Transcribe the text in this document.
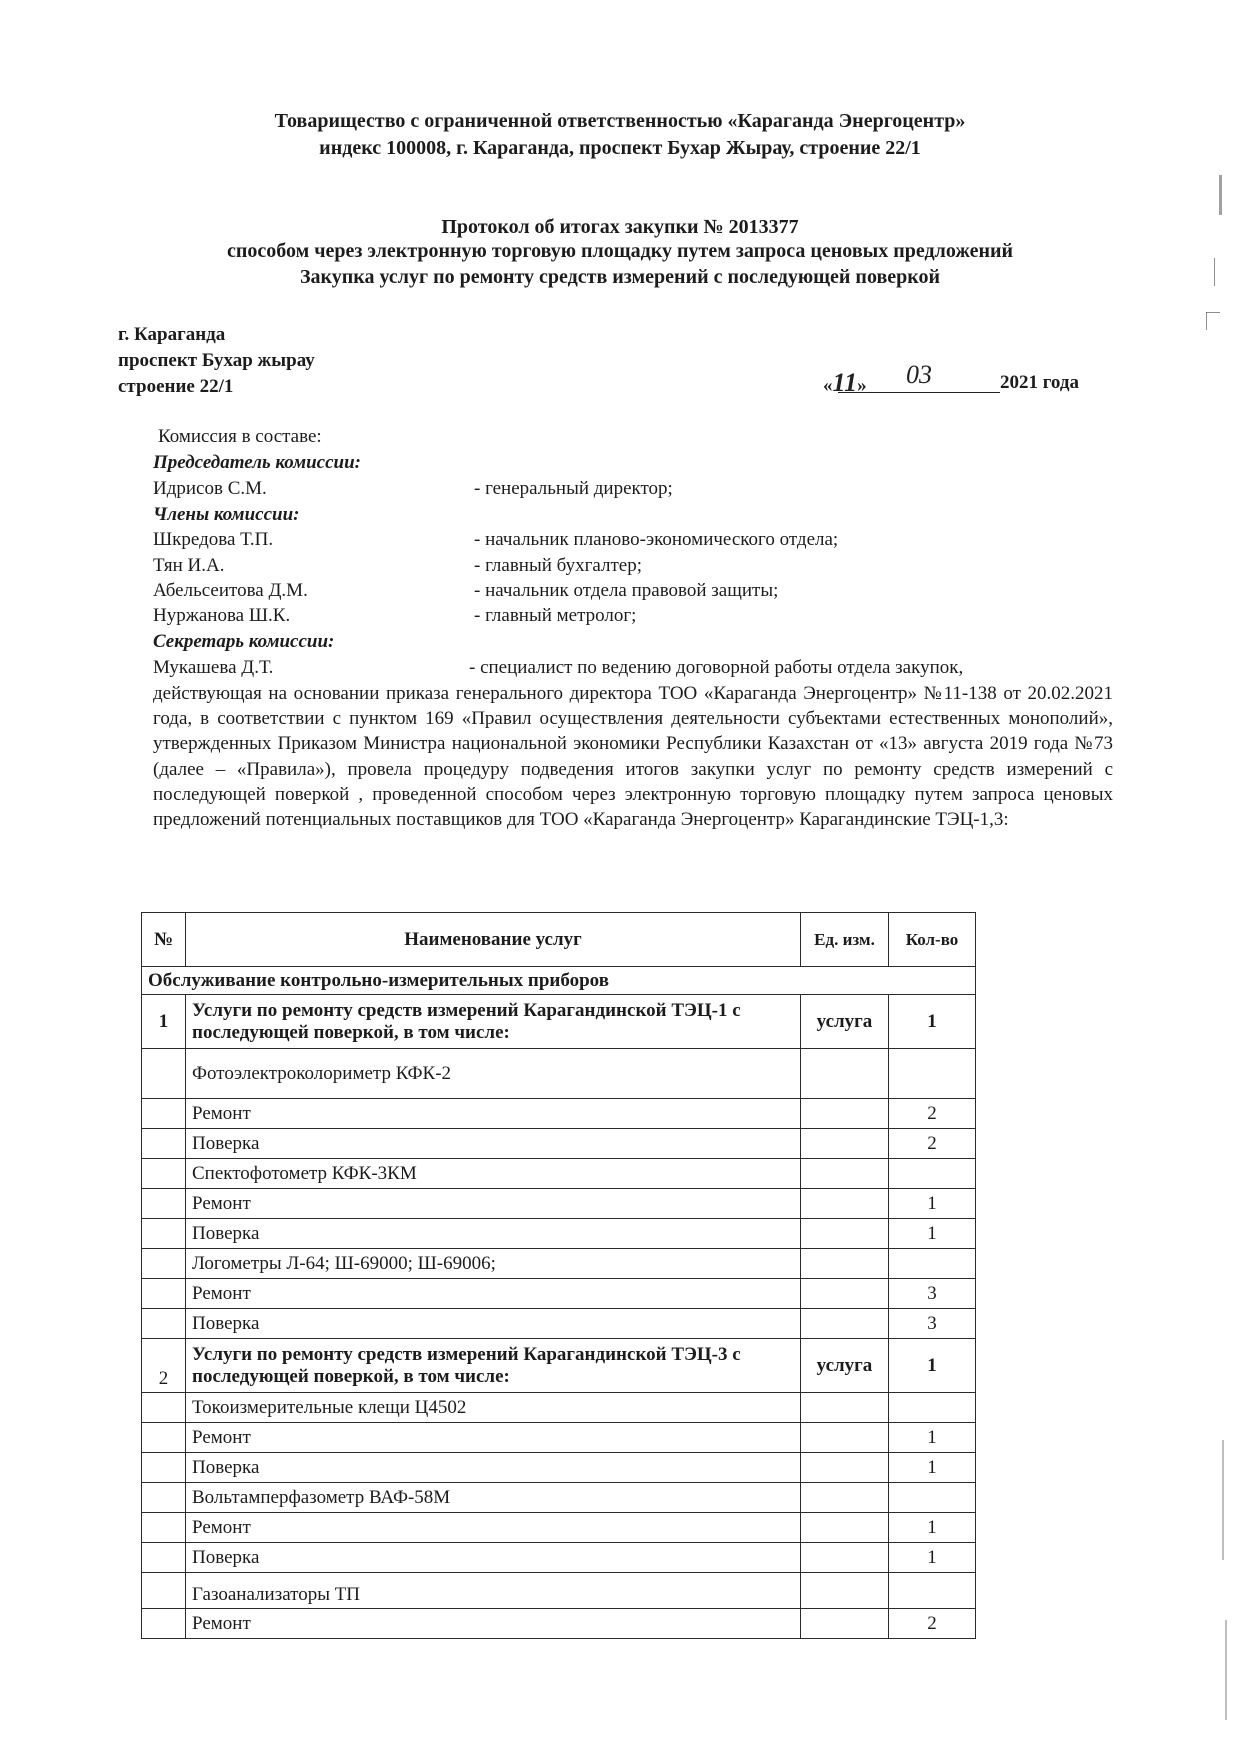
Товарищество с ограниченной ответственностью «Караганда Энергоцентр»
индекс 100008, г. Караганда, проспект Бухар Жырау, строение 22/1
Протокол об итогах закупки № 2013377
способом через электронную торговую площадку путем запроса ценовых предложений
Закупка услуг по ремонту средств измерений с последующей поверкой
г. Караганда
проспект Бухар жырау
строение 22/1	«11» 03	2021 года
Комиссия в составе:
Председатель комиссии:
Идрисов С.М.	- генеральный директор;
Члены комиссии:
Шкредова Т.П.	- начальник планово-экономического отдела;
Тян И.А.	- главный бухгалтер;
Абельсеитова Д.М.	- начальник отдела правовой защиты;
Нуржанова Ш.К.	- главный метролог;
Секретарь комиссии:
Мукашева Д.Т.	- специалист по ведению договорной работы отдела закупок,
действующая на основании приказа генерального директора ТОО «Караганда Энергоцентр» №11-138 от 20.02.2021 года, в соответствии с пунктом 169 «Правил осуществления деятельности субъектами естественных монополий», утвержденных Приказом Министра национальной экономики Республики Казахстан от «13» августа 2019 года №73 (далее – «Правила»), провела процедуру подведения итогов закупки услуг по ремонту средств измерений с последующей поверкой , проведенной способом через электронную торговую площадку путем запроса ценовых предложений потенциальных поставщиков для ТОО «Караганда Энергоцентр» Карагандинские ТЭЦ-1,3:
№	Наименование услуг	Ед. изм.	Кол-во
Обслуживание контрольно-измерительных приборов			
1	Услуги по ремонту средств измерений Карагандинской ТЭЦ-1 с последующей поверкой, в том числе:	услуга	1
	Фотоэлектроколориметр КФК-2		
	Ремонт		2
	Поверка		2
	Спектофотометр КФК-3КМ		
	Ремонт		1
	Поверка		1
	Логометры Л-64; Ш-69000; Ш-69006;		
	Ремонт		3
	Поверка		3
2	Услуги по ремонту средств измерений Карагандинской ТЭЦ-3 с последующей поверкой, в том числе:	услуга	1
	Токоизмерительные клещи Ц4502		
	Ремонт		1
	Поверка		1
	Вольтамперфазометр ВАФ-58М		
	Ремонт		1
	Поверка		1
	Газоанализаторы ТП		
	Ремонт		2
